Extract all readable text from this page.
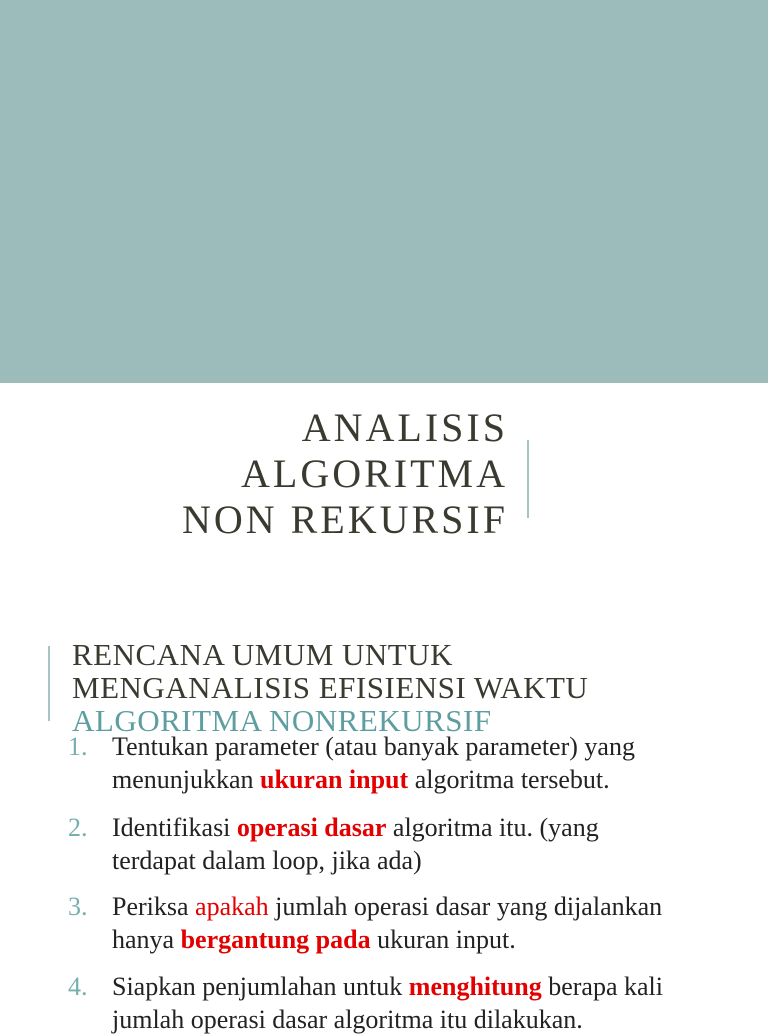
ANALISIS
ALGORITMA
NON REKURSIF
RENCANA UMUM UNTUK
MENGANALISIS EFISIENSI WAKTU
ALGORITMA NONREKURSIF
1. Tentukan parameter (atau banyak parameter) yang
menunjukkan ukuran input algoritma tersebut.
2. Identifikasi operasi dasar algoritma itu. (yang
terdapat dalam loop, jika ada)
3. Periksa apakah jumlah operasi dasar yang dijalankan
hanya bergantung pada ukuran input.
4. Siapkan penjumlahan untuk menghitung berapa kali
jumlah operasi dasar algoritma itu dilakukan.
